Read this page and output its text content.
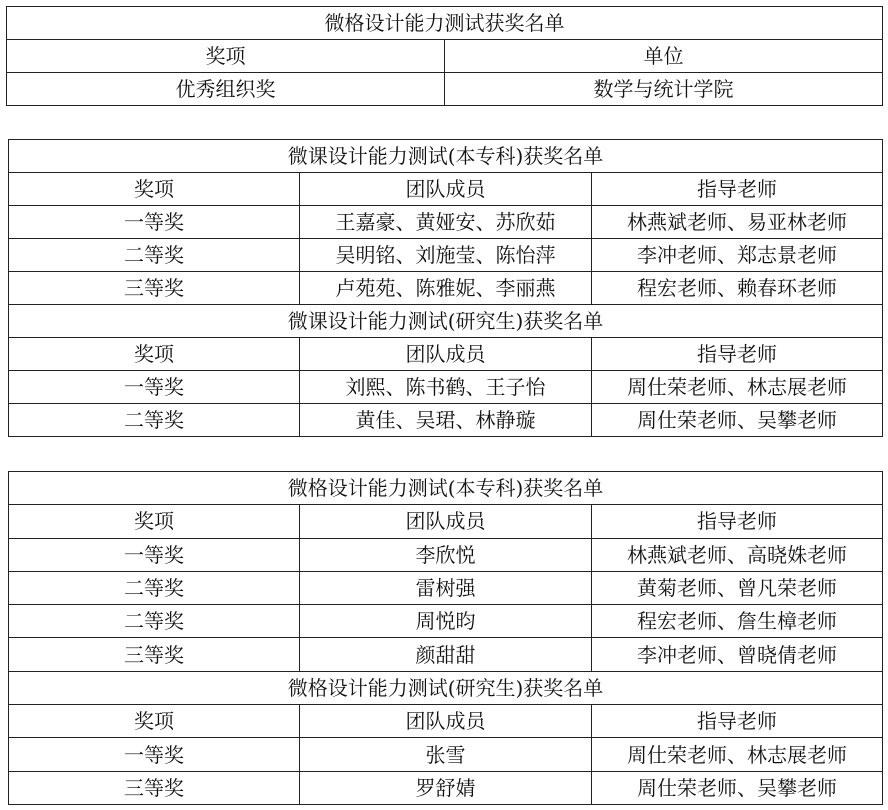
微格设计能力测试获奖名单	
奖项	单位
优秀组织奖	数学与统计学院
微课设计能力测试(本专科)获奖名单		
奖项	团队成员	指导老师
一等奖	王嘉豪、黄娅安、苏欣茹	林燕斌老师、易亚林老师
二等奖	吴明铭、刘施莹、陈怡萍	李冲老师、郑志景老师
三等奖	卢苑苑、陈雅妮、李丽燕	程宏老师、赖春环老师
微课设计能力测试(研究生)获奖名单		
奖项	团队成员	指导老师
一等奖	刘熙、陈书鹤、王子怡	周仕荣老师、林志展老师
二等奖	黄佳、吴珺、林静璇	周仕荣老师、吴攀老师
微格设计能力测试(本专科)获奖名单		
奖项	团队成员	指导老师
一等奖	李欣悦	林燕斌老师、高晓姝老师
二等奖	雷树强	黄菊老师、曾凡荣老师
二等奖	周悦昀	程宏老师、詹生樟老师
三等奖	颜甜甜	李冲老师、曾晓倩老师
微格设计能力测试(研究生)获奖名单		
奖项	团队成员	指导老师
一等奖	张雪	周仕荣老师、林志展老师
三等奖	罗舒婧	周仕荣老师、吴攀老师
